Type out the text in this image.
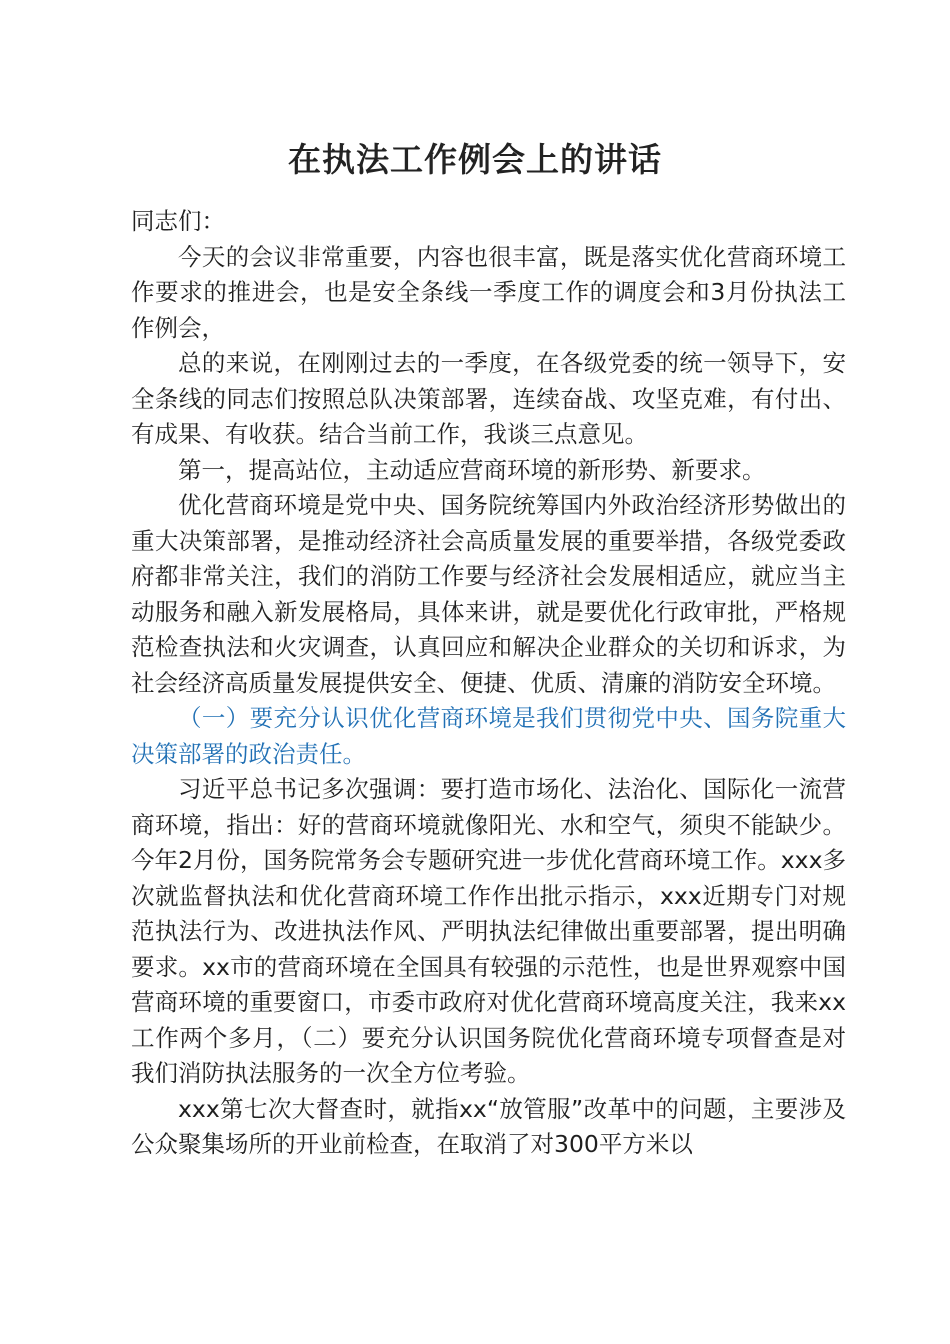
在执法工作例会上的讲话

同志们：

今天的会议非常重要，内容也很丰富，既是落实优化营商环境工作要求的推进会，也是安全条线一季度工作的调度会和3月份执法工作例会，

总的来说，在刚刚过去的一季度，在各级党委的统一领导下，安全条线的同志们按照总队决策部署，连续奋战、攻坚克难，有付出、有成果、有收获。结合当前工作，我谈三点意见。

第一，提高站位，主动适应营商环境的新形势、新要求。

优化营商环境是党中央、国务院统筹国内外政治经济形势做出的重大决策部署，是推动经济社会高质量发展的重要举措，各级党委政府都非常关注，我们的消防工作要与经济社会发展相适应，就应当主动服务和融入新发展格局，具体来讲，就是要优化行政审批，严格规范检查执法和火灾调查，认真回应和解决企业群众的关切和诉求，为社会经济高质量发展提供安全、便捷、优质、清廉的消防安全环境。

（一）要充分认识优化营商环境是我们贯彻党中央、国务院重大决策部署的政治责任。

习近平总书记多次强调：要打造市场化、法治化、国际化一流营商环境，指出：好的营商环境就像阳光、水和空气，须臾不能缺少。今年2月份，国务院常务会专题研究进一步优化营商环境工作。xxx多次就监督执法和优化营商环境工作作出批示指示，xxx近期专门对规范执法行为、改进执法作风、严明执法纪律做出重要部署，提出明确要求。xx市的营商环境在全国具有较强的示范性，也是世界观察中国营商环境的重要窗口，市委市政府对优化营商环境高度关注，我来xx工作两个多月，（二）要充分认识国务院优化营商环境专项督查是对我们消防执法服务的一次全方位考验。

xxx第七次大督查时，就指xx“放管服”改革中的问题，主要涉及公众聚集场所的开业前检查，在取消了对300平方米以
